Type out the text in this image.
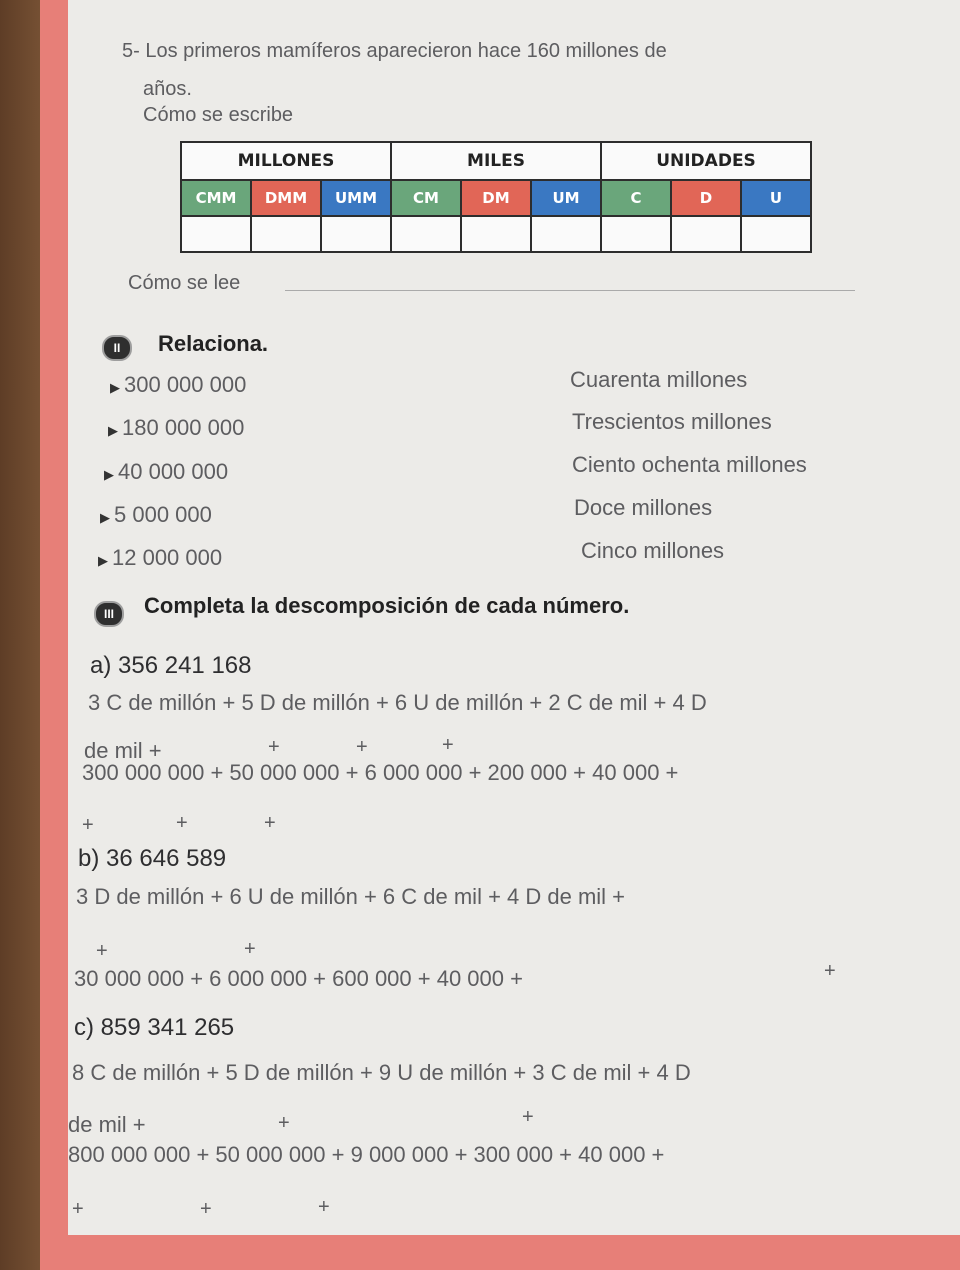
5- Los primeros mamíferos aparecieron hace 160 millones de
años.
Cómo se escribe
MILLONES			MILES			UNIDADES		
CMM	DMM	UMM	CM	DM	UM	C	D	U

Cómo se lee
II	Relaciona.
▶ 300 000 000
▶ 180 000 000
▶ 40 000 000
▶ 5 000 000
▶ 12 000 000
Cuarenta millones
Trescientos millones
Ciento ochenta millones
Doce millones
Cinco millones
III	Completa la descomposición de cada número.
a) 356 241 168
3 C de millón + 5 D de millón + 6 U de millón + 2 C de mil + 4 D
de mil +	+	+	+
300 000 000 + 50 000 000 + 6 000 000 + 200 000 + 40 000 +
+	+	+
b) 36 646 589
3 D de millón + 6 U de millón + 6 C de mil + 4 D de mil +
+	+
30 000 000 + 6 000 000 + 600 000 + 40 000 +	+
c) 859 341 265
8 C de millón + 5 D de millón + 9 U de millón + 3 C de mil + 4 D
de mil +	+	+
800 000 000 + 50 000 000 + 9 000 000 + 300 000 + 40 000 +
+	+	+
